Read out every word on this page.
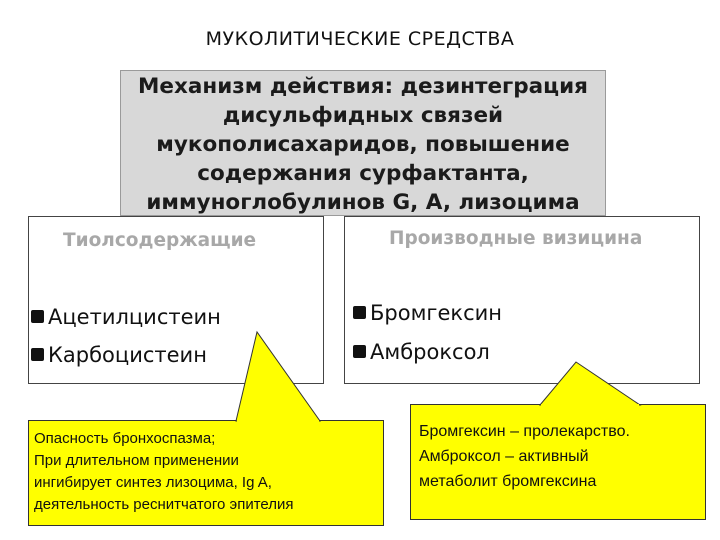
МУКОЛИТИЧЕСКИЕ СРЕДСТВА
Тиолсодержащие
Ацетилцистеин
Карбоцистеин
Производные визицина
Бромгексин
Амброксол
Механизм действия: дезинтеграция
дисульфидных связей
мукополисахаридов, повышение
содержания сурфактанта,
иммуноглобулинов G, A, лизоцима
Опасность бронхоспазма;
При длительном применении
ингибирует синтез лизоцима, Ig A,
деятельность реснитчатого эпителия
Бромгексин – пролекарство.
Амброксол – активный
метаболит бромгексина
